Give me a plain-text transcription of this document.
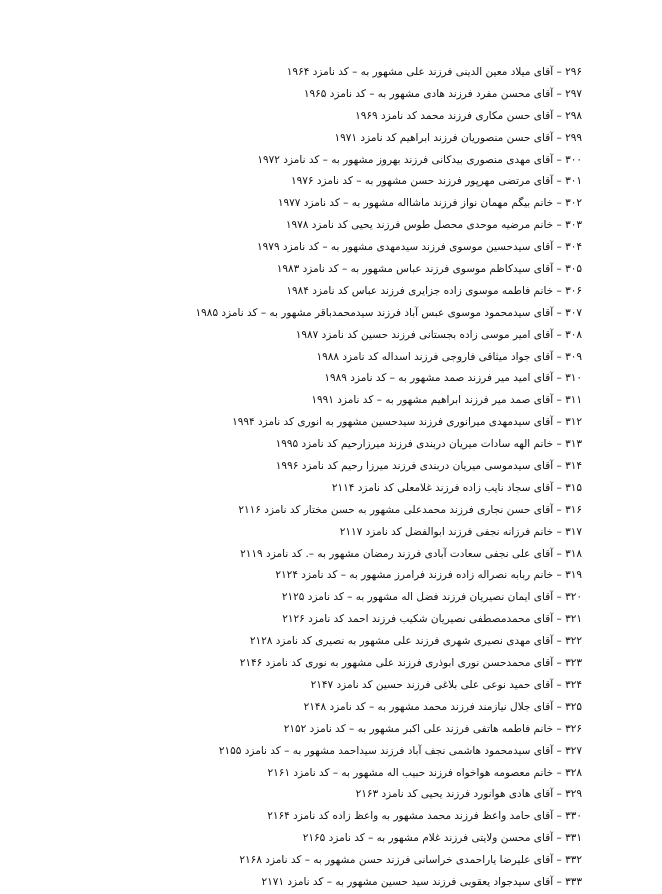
۲۹۶ – آقای میلاد معین الدینی فرزند علی مشهور به – کد نامزد ۱۹۶۴
۲۹۷ – آقای محسن مفرد فرزند هادی مشهور به – کد نامزد ۱۹۶۵
۲۹۸ – آقای حسن مکاری فرزند محمد کد نامزد ۱۹۶۹
۲۹۹ – آقای حسن منصوریان فرزند ابراهیم کد نامزد ۱۹۷۱
۳۰۰ – آقای مهدی منصوری بیدکانی فرزند بهروز مشهور به – کد نامزد ۱۹۷۲
۳۰۱ – آقای مرتضی مهرپور فرزند حسن مشهور به – کد نامزد ۱۹۷۶
۳۰۲ – خانم بیگم مهمان نواز فرزند ماشااله مشهور به – کد نامزد ۱۹۷۷
۳۰۳ – خانم مرضیه موحدی محصل طوس فرزند یحیی کد نامزد ۱۹۷۸
۳۰۴ – آقای سیدحسین موسوی فرزند سیدمهدی مشهور به – کد نامزد ۱۹۷۹
۳۰۵ – آقای سیدکاظم موسوی فرزند عباس مشهور به – کد نامزد ۱۹۸۳
۳۰۶ – خانم فاطمه موسوی زاده جزایری فرزند عباس کد نامزد ۱۹۸۴
۳۰۷ – آقای سیدمحمود موسوی عبس آباد فرزند سیدمحمدباقر مشهور به – کد نامزد ۱۹۸۵
۳۰۸ – آقای امیر موسی زاده بجستانی فرزند حسین کد نامزد ۱۹۸۷
۳۰۹ – آقای جواد میثاقی فاروجی فرزند اسداله کد نامزد ۱۹۸۸
۳۱۰ – آقای امید میر فرزند صمد مشهور به – کد نامزد ۱۹۸۹
۳۱۱ – آقای صمد میر فرزند ابراهیم مشهور به – کد نامزد ۱۹۹۱
۳۱۲ – آقای سیدمهدی میرانوری فرزند سیدحسین مشهور به انوری کد نامزد ۱۹۹۴
۳۱۳ – خانم الهه سادات میریان دربندی فرزند میرزارحیم کد نامزد ۱۹۹۵
۳۱۴ – آقای سیدموسی میریان دربندی فرزند میرزا رحیم کد نامزد ۱۹۹۶
۳۱۵ – آقای سجاد نایب زاده فرزند غلامعلی کد نامزد ۲۱۱۴
۳۱۶ – آقای حسن نجاری فرزند محمدعلی مشهور به حسن مختار کد نامزد ۲۱۱۶
۳۱۷ – خانم فرزانه نجفی فرزند ابوالفضل کد نامزد ۲۱۱۷
۳۱۸ – آقای علی نجفی سعادت آبادی فرزند رمضان مشهور به –. کد نامزد ۲۱۱۹
۳۱۹ – خانم ربابه نصراله زاده فرزند فرامرز مشهور به – کد نامزد ۲۱۲۴
۳۲۰ – آقای ایمان نصیریان فرزند فضل اله مشهور به – کد نامزد ۲۱۲۵
۳۲۱ – آقای محمدمصطفی نصیریان شکیب فرزند احمد کد نامزد ۲۱۲۶
۳۲۲ – آقای مهدی نصیری شهری فرزند علی مشهور به نصیری کد نامزد ۲۱۲۸
۳۲۳ – آقای محمدحسن نوری ابوذری فرزند علی مشهور به نوری کد نامزد ۲۱۴۶
۳۲۴ – آقای حمید نوعی علی بلاغی فرزند حسین کد نامزد ۲۱۴۷
۳۲۵ – آقای جلال نیازمند فرزند محمد مشهور به – کد نامزد ۲۱۴۸
۳۲۶ – خانم فاطمه هاتفی فرزند علی اکبر مشهور به – کد نامزد ۲۱۵۲
۳۲۷ – آقای سیدمحمود هاشمی نجف آباد فرزند سیداحمد مشهور به – کد نامزد ۲۱۵۵
۳۲۸ – خانم معصومه هواخواه فرزند حبیب اله مشهور به – کد نامزد ۲۱۶۱
۳۲۹ – آقای هادی هوانورد فرزند یحیی کد نامزد ۲۱۶۳
۳۳۰ – آقای حامد واعظ فرزند محمد مشهور به واعظ زاده کد نامزد ۲۱۶۴
۳۳۱ – آقای محسن ولایتی فرزند غلام مشهور به – کد نامزد ۲۱۶۵
۳۳۲ – آقای علیرضا یاراحمدی خراسانی فرزند حسن مشهور به – کد نامزد ۲۱۶۸
۳۳۳ – آقای سیدجواد یعقوبی فرزند سید حسین مشهور به – کد نامزد ۲۱۷۱
